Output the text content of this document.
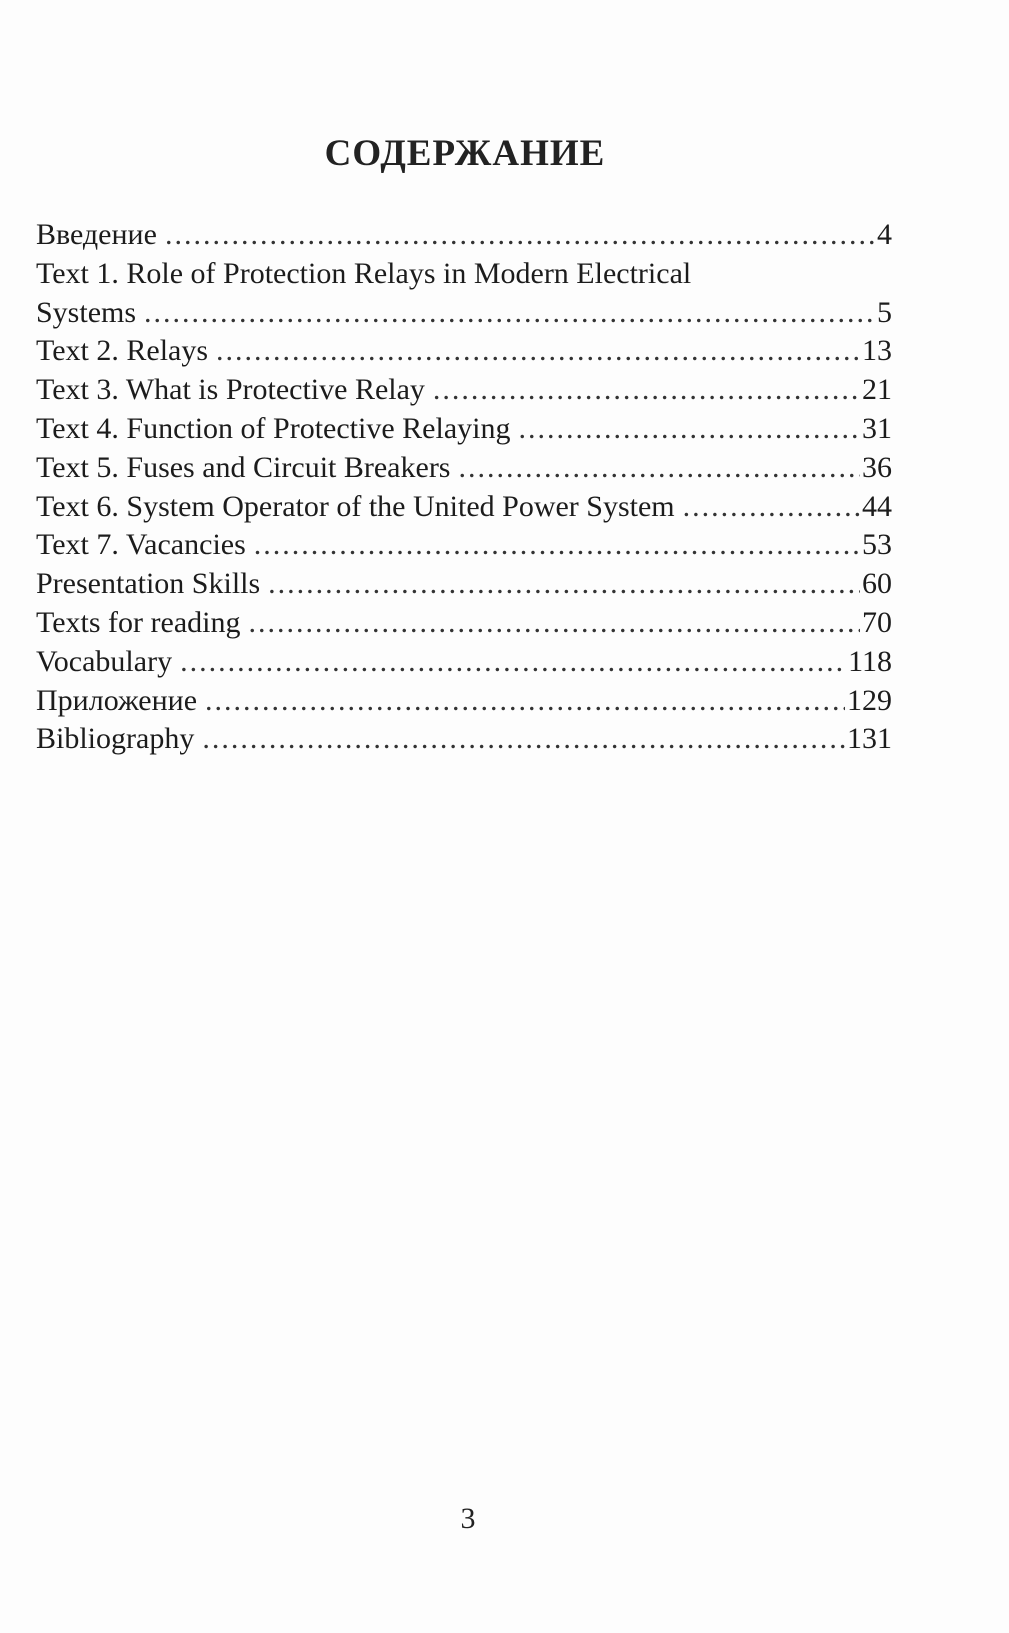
СОДЕРЖАНИЕ
Введение .....	4
Text 1. Role of Protection Relays in Modern Electrical
Systems .....	5
Text 2. Relays .....	13
Text 3. What is Protective Relay .....	21
Text 4. Function of Protective Relaying .....	31
Text 5. Fuses and Circuit Breakers .....	36
Text 6. System Operator of the United Power System .....	44
Text 7. Vacancies .....	53
Presentation Skills .....	60
Texts for reading .....	70
Vocabulary .....	118
Приложение .....	129
Bibliography .....	131
3
